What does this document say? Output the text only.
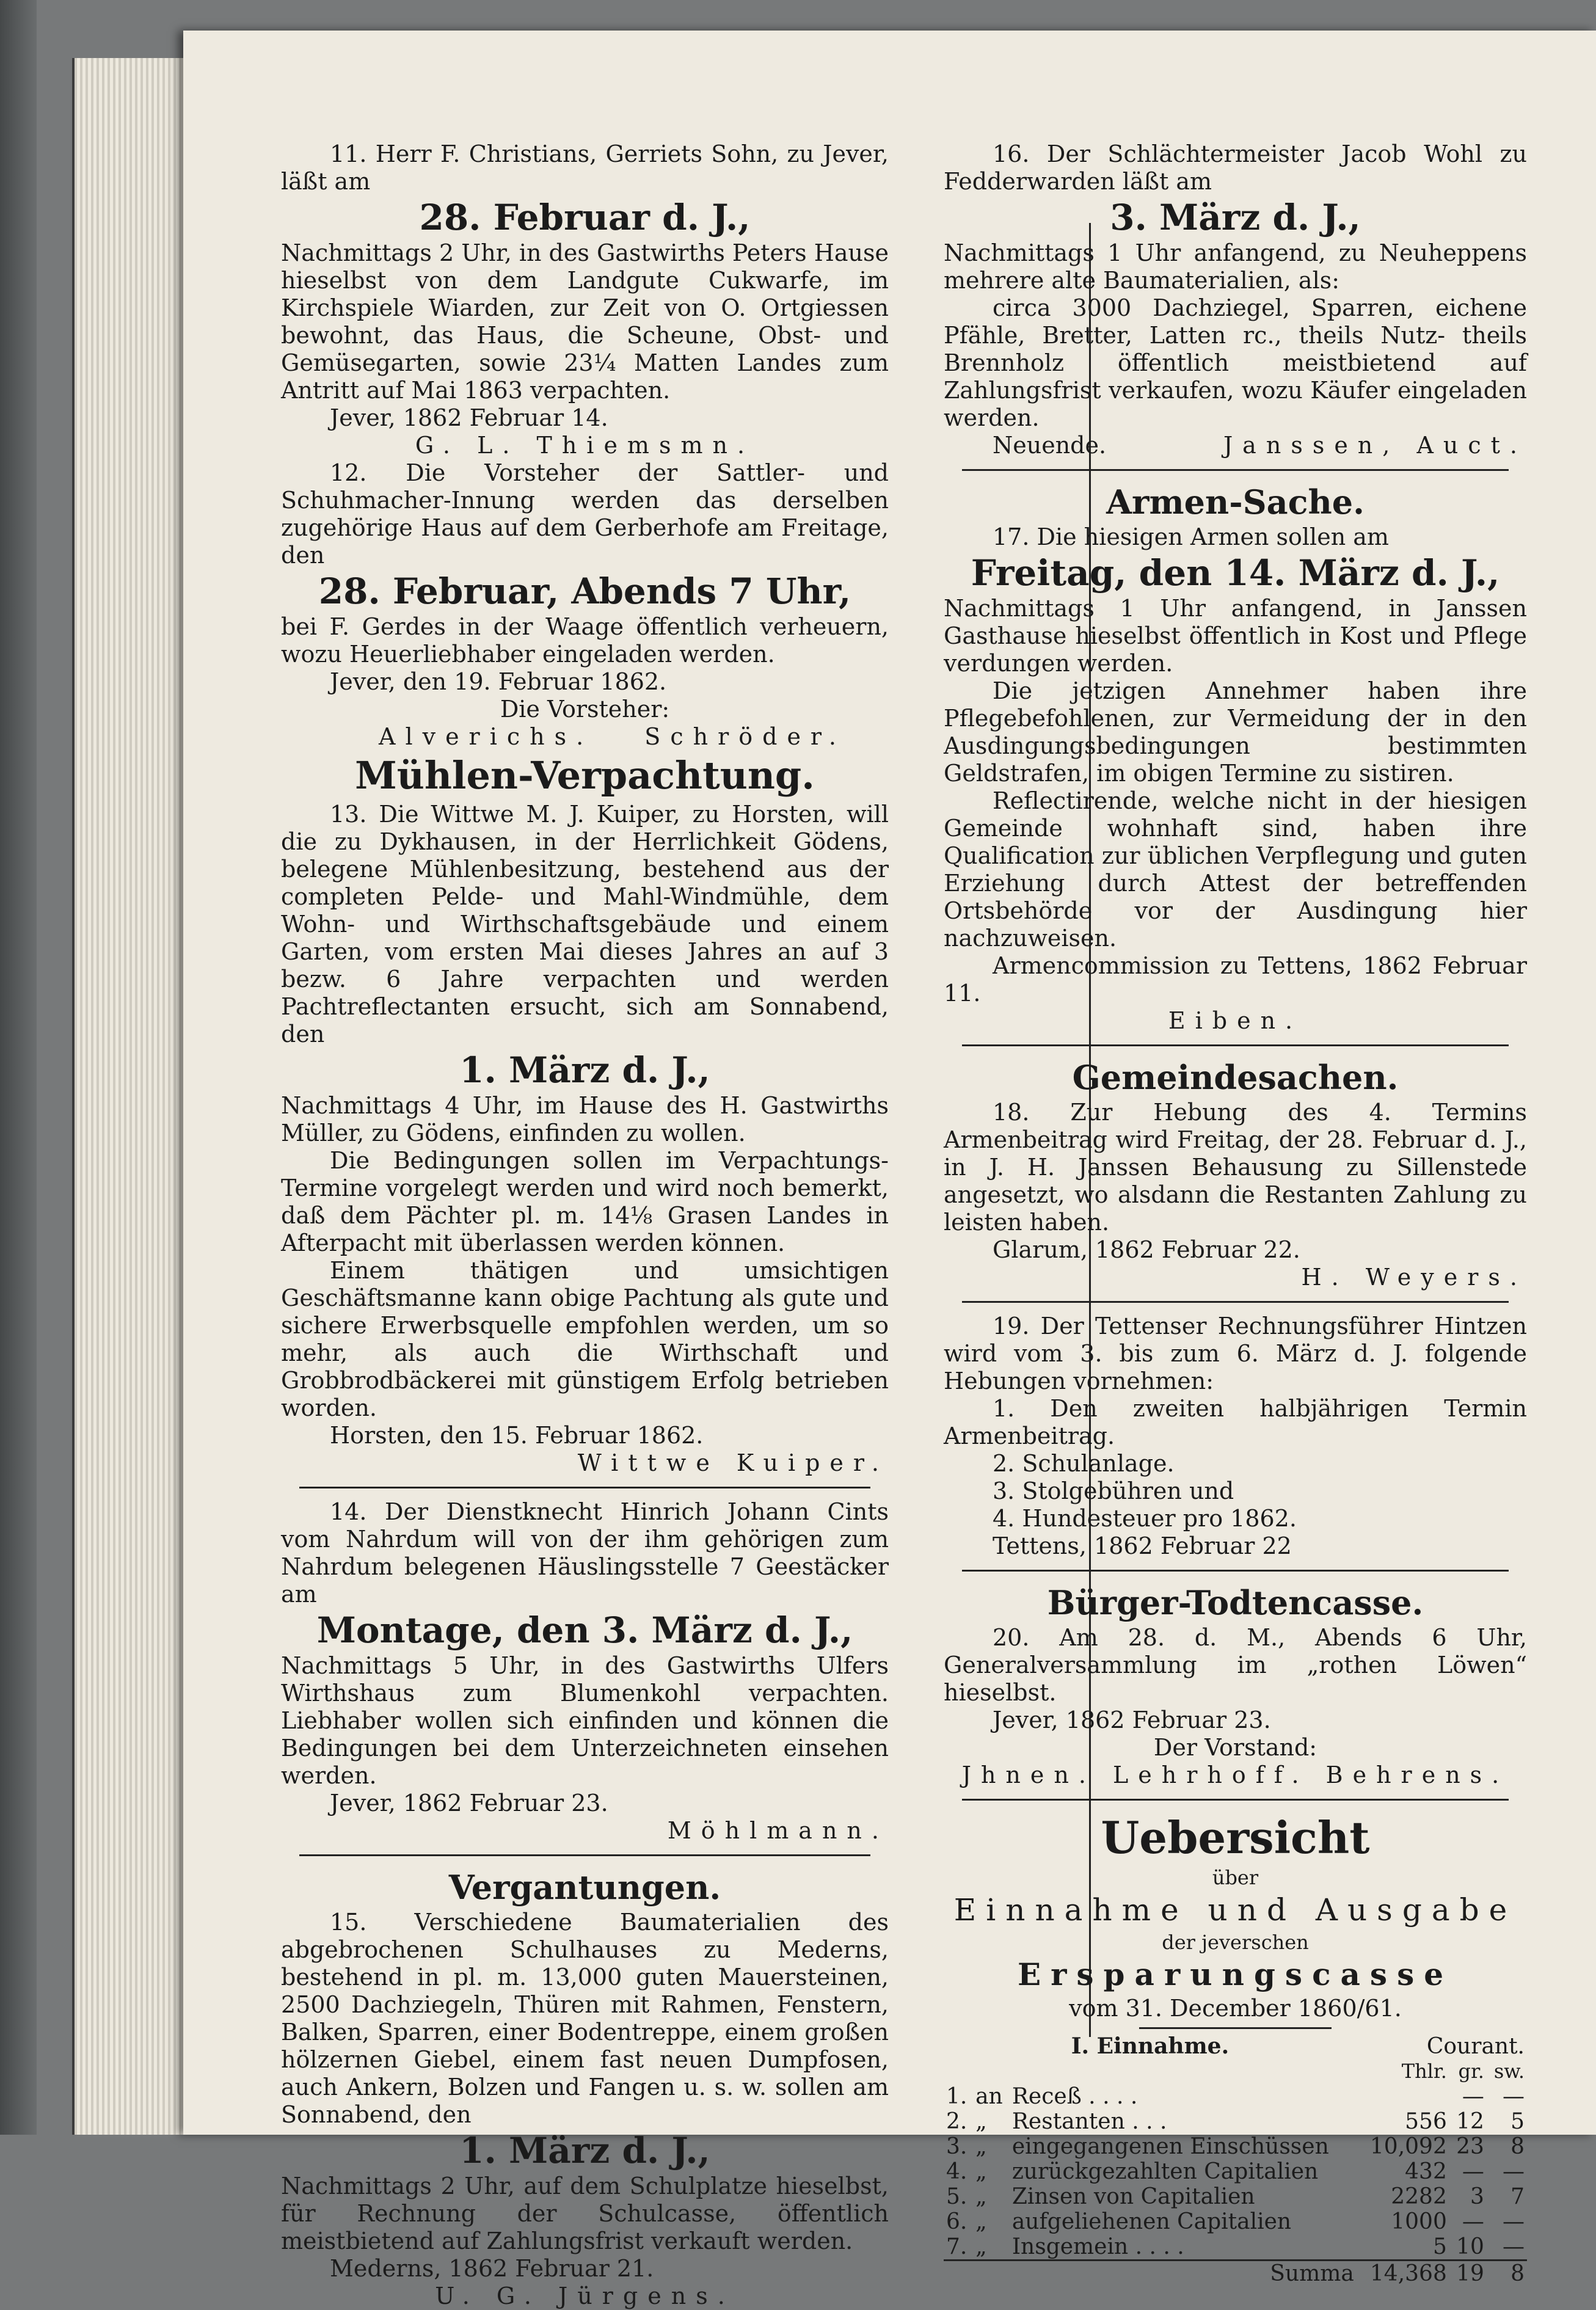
11. Herr F. Christians, Gerriets Sohn, zu Jever, läßt am

28. Februar d. J.,

Nachmittags 2 Uhr, in des Gastwirths Peters Hause hieselbst von dem Landgute Cukwarfe, im Kirchspiele Wiarden, zur Zeit von O. Ortgiessen bewohnt, das Haus, die Scheune, Obst- und Gemüsegarten, sowie 23¼ Matten Landes zum Antritt auf Mai 1863 verpachten.

Jever, 1862 Februar 14.

G. L. Thiemsmn.

12. Die Vorsteher der Sattler- und Schuhmacher-Innung werden das derselben zugehörige Haus auf dem Gerberhofe am Freitage, den

28. Februar, Abends 7 Uhr,

bei F. Gerdes in der Waage öffentlich verheuern, wozu Heuerliebhaber eingeladen werden.

Jever, den 19. Februar 1862.

Die Vorsteher:

Alverichs. Schröder.
Mühlen-Verpachtung.

13. Die Wittwe M. J. Kuiper, zu Horsten, will die zu Dykhausen, in der Herrlichkeit Gödens, belegene Mühlenbesitzung, bestehend aus der completen Pelde- und Mahl-Windmühle, dem Wohn- und Wirthschaftsgebäude und einem Garten, vom ersten Mai dieses Jahres an auf 3 bezw. 6 Jahre verpachten und werden Pachtreflectanten ersucht, sich am Sonnabend, den

1. März d. J.,

Nachmittags 4 Uhr, im Hause des H. Gastwirths Müller, zu Gödens, einfinden zu wollen.

Die Bedingungen sollen im Verpachtungs-Termine vorgelegt werden und wird noch bemerkt, daß dem Pächter pl. m. 14⅛ Grasen Landes in Afterpacht mit überlassen werden können.

Einem thätigen und umsichtigen Geschäftsmanne kann obige Pachtung als gute und sichere Erwerbsquelle empfohlen werden, um so mehr, als auch die Wirthschaft und Grobbrodbäckerei mit günstigem Erfolg betrieben worden.

Horsten, den 15. Februar 1862.

Wittwe Kuiper.

14. Der Dienstknecht Hinrich Johann Cints vom Nahrdum will von der ihm gehörigen zum Nahrdum belegenen Häuslingsstelle 7 Geestäcker am

Montage, den 3. März d. J.,

Nachmittags 5 Uhr, in des Gastwirths Ulfers Wirthshaus zum Blumenkohl verpachten. Liebhaber wollen sich einfinden und können die Bedingungen bei dem Unterzeichneten einsehen werden.

Jever, 1862 Februar 23.

Möhlmann.

Vergantungen.

15. Verschiedene Baumaterialien des abgebrochenen Schulhauses zu Mederns, bestehend in pl. m. 13,000 guten Mauersteinen, 2500 Dachziegeln, Thüren mit Rahmen, Fenstern, Balken, Sparren, einer Bodentreppe, einem großen hölzernen Giebel, einem fast neuen Dumpfosen, auch Ankern, Bolzen und Fangen u. s. w. sollen am Sonnabend, den

1. März d. J.,

Nachmittags 2 Uhr, auf dem Schulplatze hieselbst, für Rechnung der Schulcasse, öffentlich meistbietend auf Zahlungsfrist verkauft werden.

Mederns, 1862 Februar 21.

U. G. Jürgens.

16. Der Schlächtermeister Jacob Wohl zu Fedderwarden läßt am

3. März d. J.,

Nachmittags 1 Uhr anfangend, zu Neuheppens mehrere alte Baumaterialien, als:

circa 3000 Dachziegel, Sparren, eichene Pfähle, Bretter, Latten rc., theils Nutz- theils Brennholz öffentlich meistbietend auf Zahlungsfrist verkaufen, wozu Käufer eingeladen werden.

Neuende.	Janssen, Auct.
Armen-Sache.

17. Die hiesigen Armen sollen am

Freitag, den 14. März d. J.,

Nachmittags 1 Uhr anfangend, in Janssen Gasthause hieselbst öffentlich in Kost und Pflege verdungen werden.

Die jetzigen Annehmer haben ihre Pflegebefohlenen, zur Vermeidung der in den Ausdingungsbedingungen bestimmten Geldstrafen, im obigen Termine zu sistiren.

Reflectirende, welche nicht in der hiesigen Gemeinde wohnhaft sind, haben ihre Qualification zur üblichen Verpflegung und guten Erziehung durch Attest der betreffenden Ortsbehörde vor der Ausdingung hier nachzuweisen.

Armencommission zu Tettens, 1862 Februar 11.

Eiben.

Gemeindesachen.

18. Zur Hebung des 4. Termins Armenbeitrag wird Freitag, der 28. Februar d. J., in J. H. Janssen Behausung zu Sillenstede angesetzt, wo alsdann die Restanten Zahlung zu leisten haben.

Glarum, 1862 Februar 22.

H. Weyers.

19. Der Tettenser Rechnungsführer Hintzen wird vom 3. bis zum 6. März d. J. folgende Hebungen vornehmen:

1. Den zweiten halbjährigen Termin Armenbeitrag.

2. Schulanlage.

3. Stolgebühren und

4. Hundesteuer pro 1862.

Tettens, 1862 Februar 22

Bürger-Todtencasse.

20. Am 28. d. M., Abends 6 Uhr, Generalversammlung im „rothen Löwen“ hieselbst.

Jever, 1862 Februar 23.

Der Vorstand:

Jhnen. Lehrhoff. Behrens.

Uebersicht
über
Einnahme und Ausgabe
der jeverschen
Ersparungscasse
vom 31. December 1860/61.
I. Einnahme.			Courant.		
			Thlr.	gr.	sw.
1.	an	Receß . . . .		—	—
2.	„	Restanten . . .	556	12	5
3.	„	eingegangenen Einschüssen	10,092	23	8
4.	„	zurückgezahlten Capitalien	432	—	—
5.	„	Zinsen von Capitalien	2282	3	7
6.	„	aufgeliehenen Capitalien	1000	—	—
7.	„	Insgemein . . . .	5	10	—
Summa			14,368	19	8
